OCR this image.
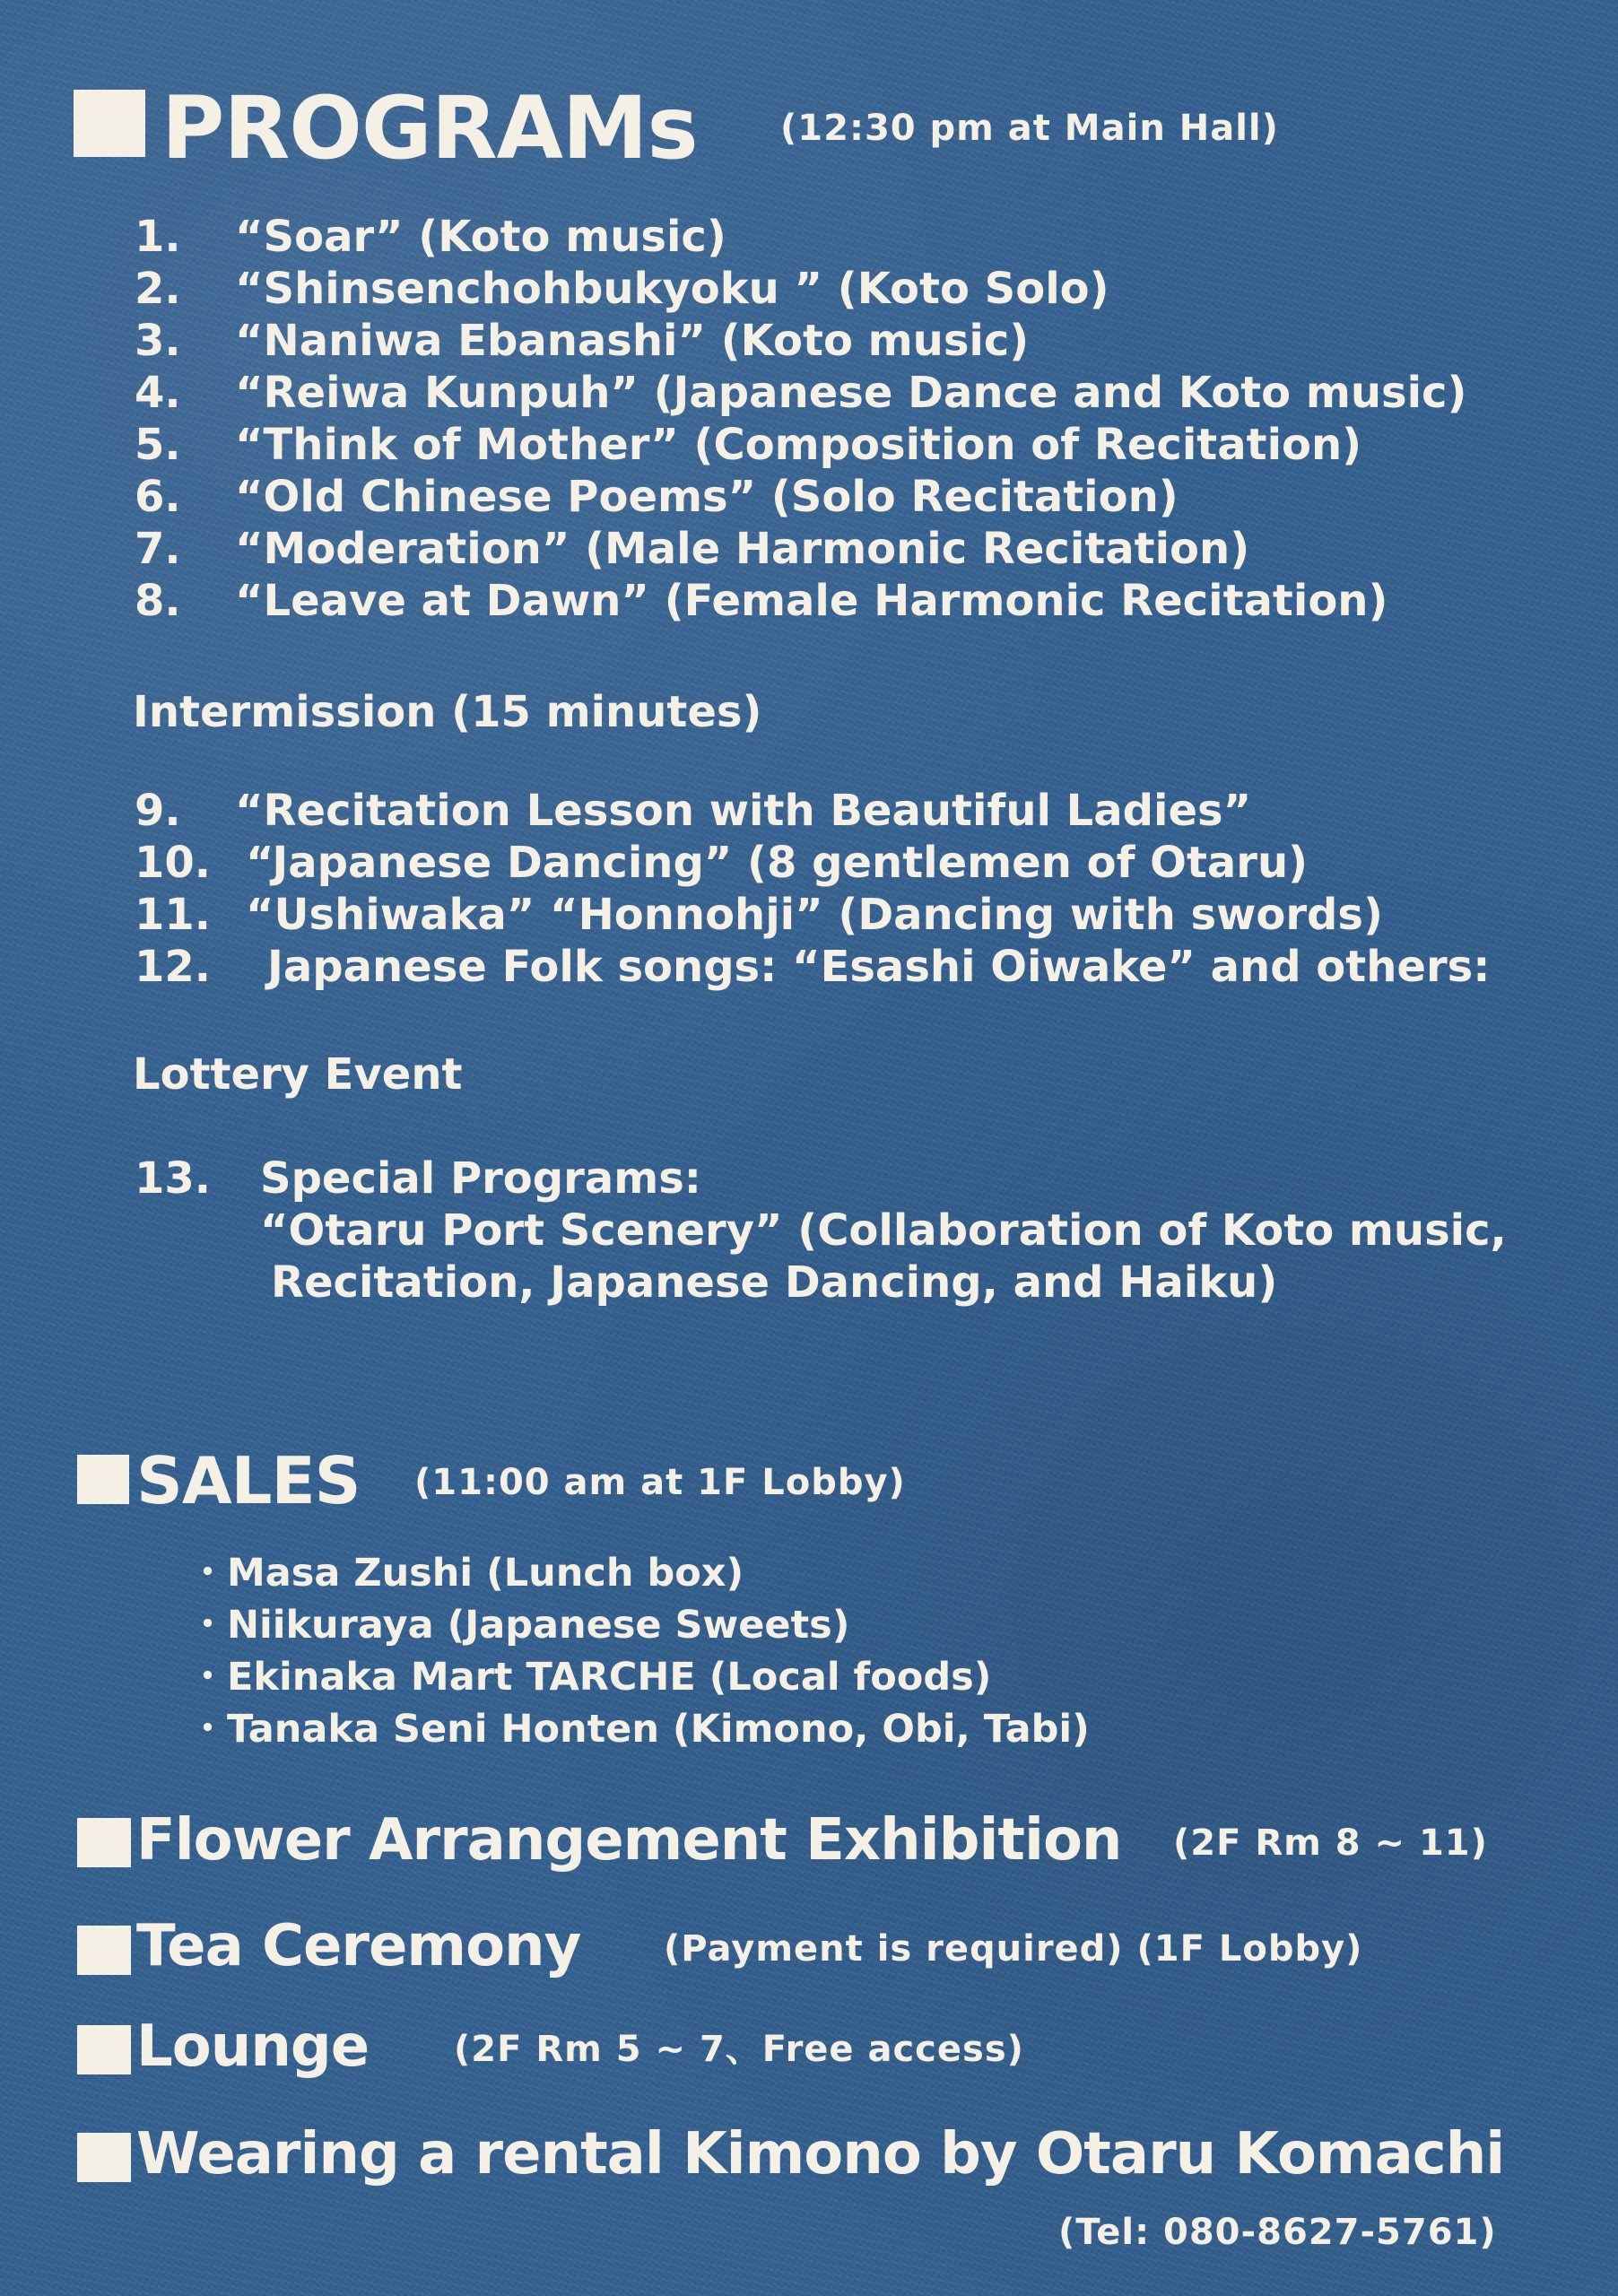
PROGRAMs (12:30 pm at Main Hall)
1. “Soar” (Koto music)
2. “Shinsenchohbukyoku ” (Koto Solo)
3. “Naniwa Ebanashi” (Koto music)
4. “Reiwa Kunpuh” (Japanese Dance and Koto music)
5. “Think of Mother” (Composition of Recitation)
6. “Old Chinese Poems” (Solo Recitation)
7. “Moderation” (Male Harmonic Recitation)
8. “Leave at Dawn” (Female Harmonic Recitation)
Intermission (15 minutes)
9. “Recitation Lesson with Beautiful Ladies”
10. “Japanese Dancing” (8 gentlemen of Otaru)
11. “Ushiwaka” “Honnohji” (Dancing with swords)
12. Japanese Folk songs: “Esashi Oiwake” and others:
Lottery Event
13. Special Programs:
“Otaru Port Scenery” (Collaboration of Koto music,
Recitation, Japanese Dancing, and Haiku)
SALES (11:00 am at 1F Lobby)
・Masa Zushi (Lunch box)
・Niikuraya (Japanese Sweets)
・Ekinaka Mart TARCHE (Local foods)
・Tanaka Seni Honten (Kimono, Obi, Tabi)
Flower Arrangement Exhibition (2F Rm 8 ~ 11)
Tea Ceremony (Payment is required) (1F Lobby)
Lounge (2F Rm 5 ~ 7、Free access)
Wearing a rental Kimono by Otaru Komachi
(Tel: 080-8627-5761)
